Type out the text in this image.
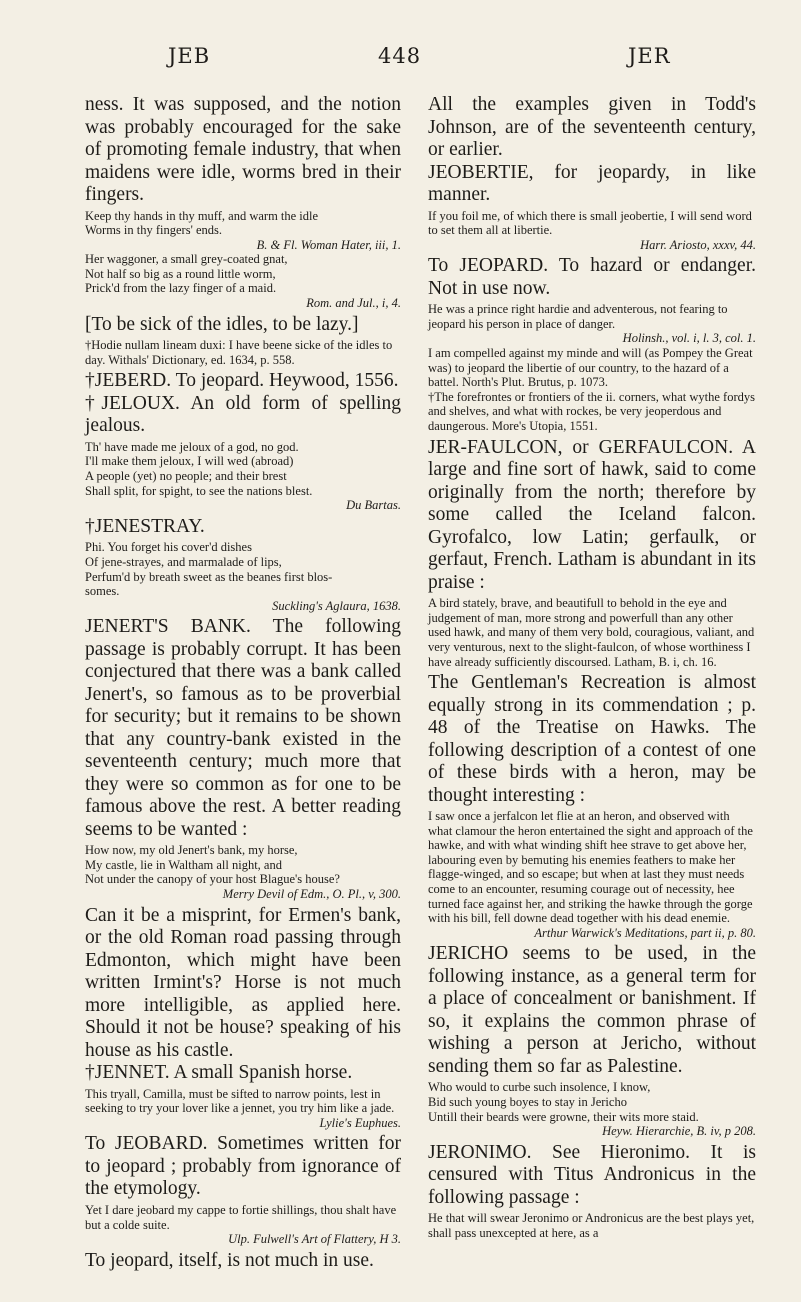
JEB	448	JER

ness. It was supposed, and the notion was probably encouraged for the sake of promoting female industry, that when maidens were idle, worms bred in their fingers.

Keep thy hands in thy muff, and warm the idle
Worms in thy fingers' ends.
B. & Fl. Woman Hater, iii, 1.
Her waggoner, a small grey-coated gnat,
Not half so big as a round little worm,
Prick'd from the lazy finger of a maid.
Rom. and Jul., i, 4.

[To be sick of the idles, to be lazy.]

†Hodie nullam lineam duxi: I have beene sicke of the idles to day. Withals' Dictionary, ed. 1634, p. 558.

†JEBERD. To jeopard. Heywood, 1556.

†JELOUX. An old form of spelling jealous.

Th' have made me jeloux of a god, no god.
I'll make them jeloux, I will wed (abroad)
A people (yet) no people; and their brest
Shall split, for spight, to see the nations blest.
Du Bartas.

†JENESTRAY.

Phi. You forget his cover'd dishes
Of jene-strayes, and marmalade of lips,
Perfum'd by breath sweet as the beanes first blos-
somes.
Suckling's Aglaura, 1638.

JENERT'S BANK. The following passage is probably corrupt. It has been conjectured that there was a bank called Jenert's, so famous as to be proverbial for security; but it remains to be shown that any country-bank existed in the seventeenth century; much more that they were so common as for one to be famous above the rest. A better reading seems to be wanted :

How now, my old Jenert's bank, my horse,
My castle, lie in Waltham all night, and
Not under the canopy of your host Blague's house?
Merry Devil of Edm., O. Pl., v, 300.

Can it be a misprint, for Ermen's bank, or the old Roman road passing through Edmonton, which might have been written Irmint's? Horse is not much more intelligible, as applied here. Should it not be house? speaking of his house as his castle.

†JENNET. A small Spanish horse.

This tryall, Camilla, must be sifted to narrow points, lest in seeking to try your lover like a jennet, you try him like a jade.
Lylie's Euphues.

To JEOBARD. Sometimes written for to jeopard ; probably from ignorance of the etymology.

Yet I dare jeobard my cappe to fortie shillings, thou shalt have but a colde suite.
Ulp. Fulwell's Art of Flattery, H 3.

To jeopard, itself, is not much in use.

All the examples given in Todd's Johnson, are of the seventeenth century, or earlier.

JEOBERTIE, for jeopardy, in like manner.

If you foil me, of which there is small jeobertie, I will send word to set them all at libertie.
Harr. Ariosto, xxxv, 44.

To JEOPARD. To hazard or endanger. Not in use now.

He was a prince right hardie and adventerous, not fearing to jeopard his person in place of danger.
Holinsh., vol. i, l. 3, col. 1.
I am compelled against my minde and will (as Pompey the Great was) to jeopard the libertie of our country, to the hazard of a battel. North's Plut. Brutus, p. 1073.
†The forefrontes or frontiers of the ii. corners, what wythe fordys and shelves, and what with rockes, be very jeoperdous and daungerous. More's Utopia, 1551.

JER-FAULCON, or GERFAULCON. A large and fine sort of hawk, said to come originally from the north; therefore by some called the Iceland falcon. Gyrofalco, low Latin; gerfaulk, or gerfaut, French. Latham is abundant in its praise :

A bird stately, brave, and beautifull to behold in the eye and judgement of man, more strong and powerfull than any other used hawk, and many of them very bold, couragious, valiant, and very venturous, next to the slight-faulcon, of whose worthiness I have already sufficiently discoursed. Latham, B. i, ch. 16.

The Gentleman's Recreation is almost equally strong in its commendation ; p. 48 of the Treatise on Hawks. The following description of a contest of one of these birds with a heron, may be thought interesting :

I saw once a jerfalcon let flie at an heron, and observed with what clamour the heron entertained the sight and approach of the hawke, and with what winding shift hee strave to get above her, labouring even by bemuting his enemies feathers to make her flagge-winged, and so escape; but when at last they must needs come to an encounter, resuming courage out of necessity, hee turned face against her, and striking the hawke through the gorge with his bill, fell downe dead together with his dead enemie.
Arthur Warwick's Meditations, part ii, p. 80.

JERICHO seems to be used, in the following instance, as a general term for a place of concealment or banishment. If so, it explains the common phrase of wishing a person at Jericho, without sending them so far as Palestine.

Who would to curbe such insolence, I know,
Bid such young boyes to stay in Jericho
Untill their beards were growne, their wits more staid.
Heyw. Hierarchie, B. iv, p 208.

JERONIMO. See Hieronimo. It is censured with Titus Andronicus in the following passage :

He that will swear Jeronimo or Andronicus are the best plays yet, shall pass unexcepted at here, as a
